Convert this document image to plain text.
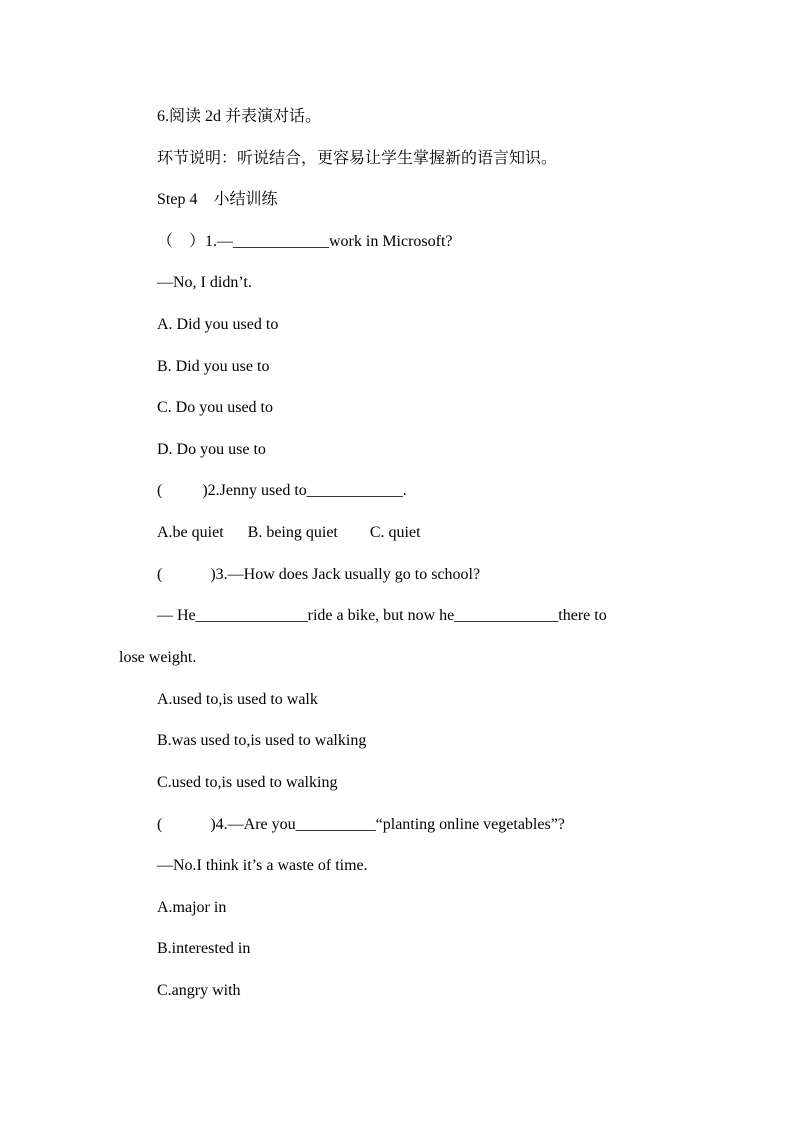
6.阅读 2d 并表演对话。
环节说明：听说结合，更容易让学生掌握新的语言知识。
Step 4    小结训练
（    ）1.—____________work in Microsoft?
—No, I didn’t.
A. Did you used to
B. Did you use to
C. Do you used to
D. Do you use to
(          )2.Jenny used to____________.
A.be quiet      B. being quiet        C. quiet
(            )3.—How does Jack usually go to school?
— He______________ride a bike, but now he_____________there to
lose weight.
A.used to,is used to walk
B.was used to,is used to walking
C.used to,is used to walking
(            )4.—Are you__________“planting online vegetables”?
—No.I think it’s a waste of time.
A.major in
B.interested in
C.angry with
